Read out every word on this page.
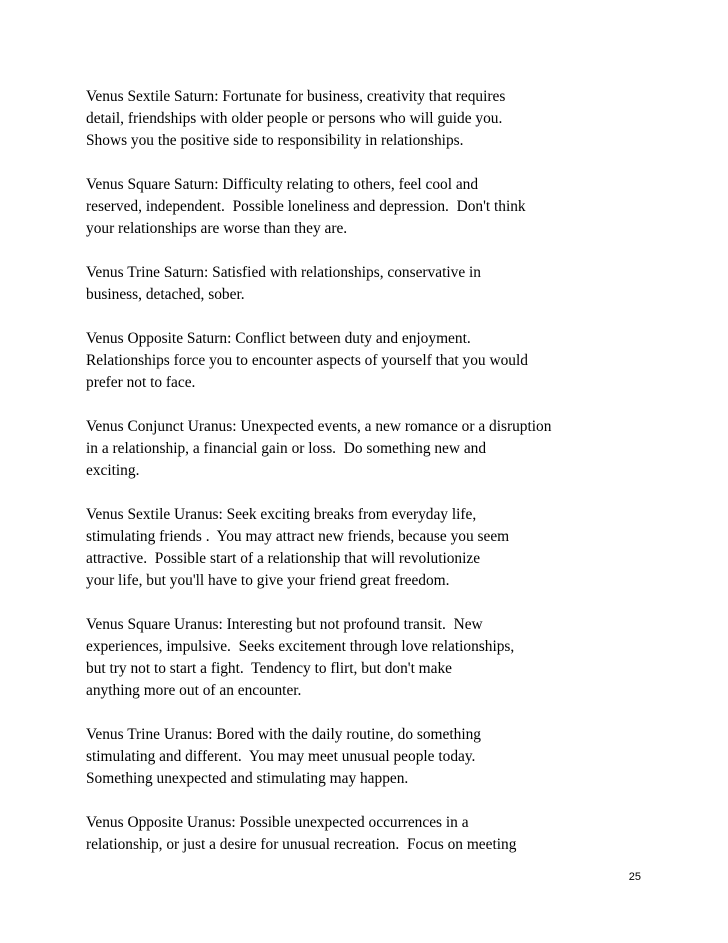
Venus Sextile Saturn: Fortunate for business, creativity that requires
detail, friendships with older people or persons who will guide you.
Shows you the positive side to responsibility in relationships.

Venus Square Saturn: Difficulty relating to others, feel cool and
reserved, independent.  Possible loneliness and depression.  Don't think
your relationships are worse than they are.

Venus Trine Saturn: Satisfied with relationships, conservative in
business, detached, sober.

Venus Opposite Saturn: Conflict between duty and enjoyment.
Relationships force you to encounter aspects of yourself that you would
prefer not to face.

Venus Conjunct Uranus: Unexpected events, a new romance or a disruption
in a relationship, a financial gain or loss.  Do something new and
exciting.

Venus Sextile Uranus: Seek exciting breaks from everyday life,
stimulating friends .  You may attract new friends, because you seem
attractive.  Possible start of a relationship that will revolutionize
your life, but you'll have to give your friend great freedom.

Venus Square Uranus: Interesting but not profound transit.  New
experiences, impulsive.  Seeks excitement through love relationships,
but try not to start a fight.  Tendency to flirt, but don't make
anything more out of an encounter.

Venus Trine Uranus: Bored with the daily routine, do something
stimulating and different.  You may meet unusual people today.
Something unexpected and stimulating may happen.

Venus Opposite Uranus: Possible unexpected occurrences in a
relationship, or just a desire for unusual recreation.  Focus on meeting

25
